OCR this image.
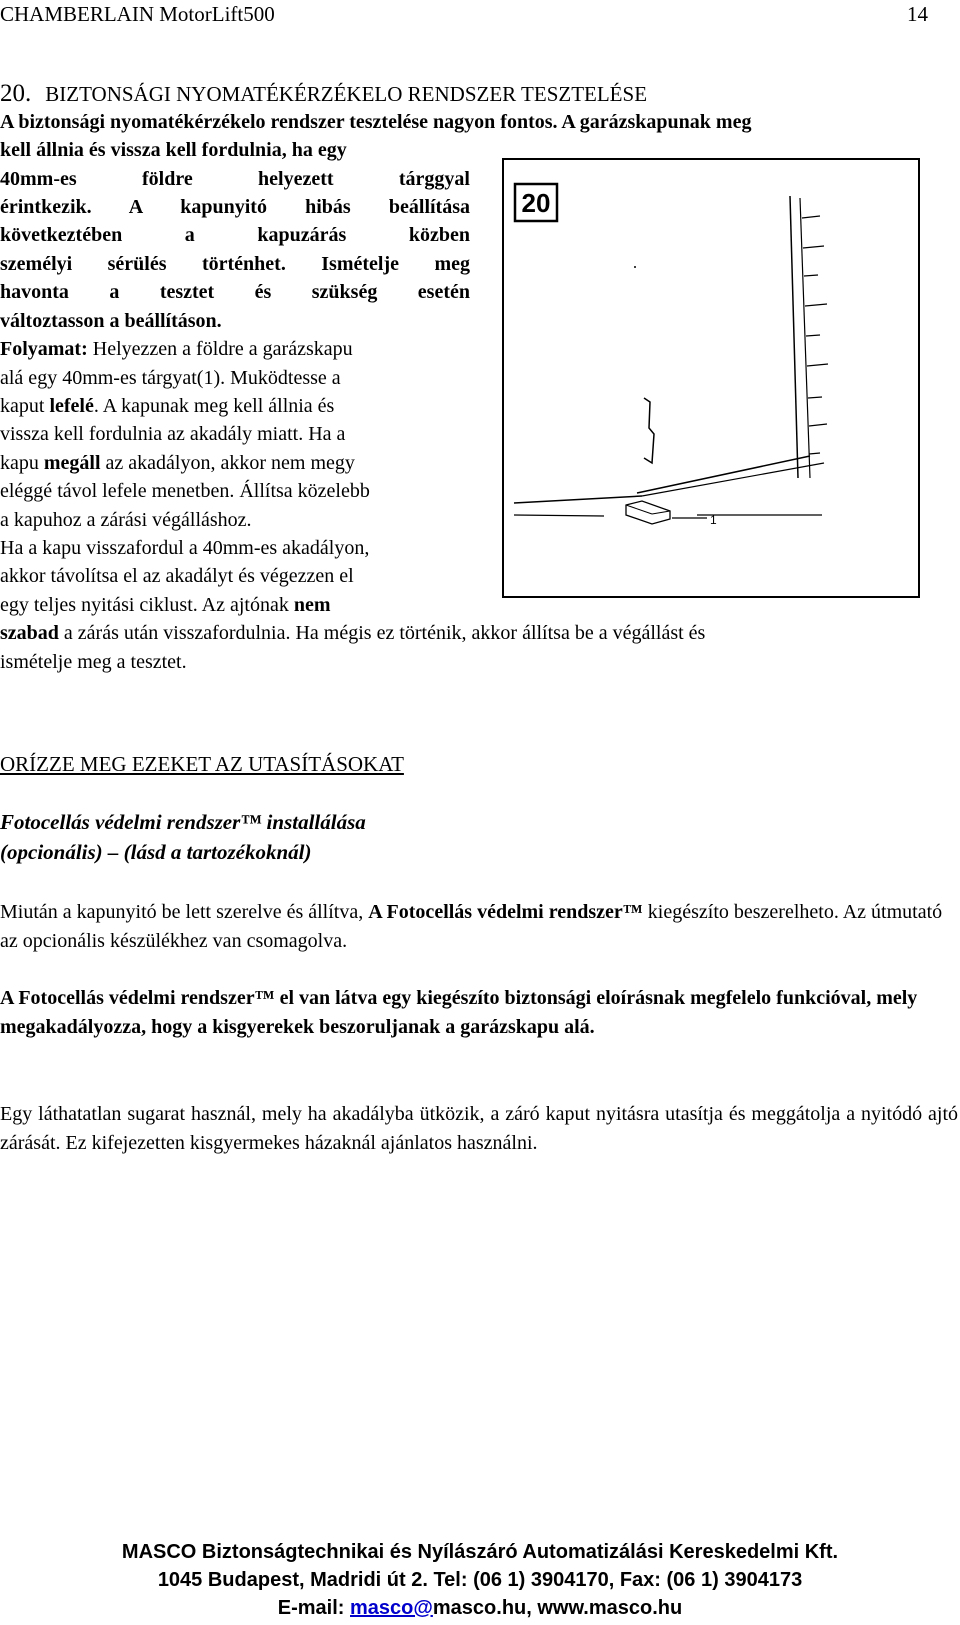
CHAMBERLAIN MotorLift500	14
20. BIZTONSÁGI NYOMATÉKÉRZÉKELO RENDSZER TESZTELÉSE
A biztonsági nyomatékérzékelo rendszer tesztelése nagyon fontos. A garázskapunak meg
kell állnia és vissza kell fordulnia, ha egy
40mm-es földre helyezett tárggyal
érintkezik. A kapunyitó hibás beállítása
következtében a kapuzárás közben
személyi sérülés történhet. Ismételje meg
havonta a tesztet és szükség esetén
változtasson a beállításon.
Folyamat: Helyezzen a földre a garázskapu
alá egy 40mm-es tárgyat(1). Muködtesse a
kaput lefelé. A kapunak meg kell állnia és
vissza kell fordulnia az akadály miatt. Ha a
kapu megáll az akadályon, akkor nem megy
eléggé távol lefele menetben. Állítsa közelebb
a kapuhoz a zárási végálláshoz.
Ha a kapu visszafordul a 40mm-es akadályon,
akkor távolítsa el az akadályt és végezzen el
egy teljes nyitási ciklust. Az ajtónak nem
szabad a zárás után visszafordulnia. Ha mégis ez történik, akkor állítsa be a végállást és
ismételje meg a tesztet.
20
1
ORÍZZE MEG EZEKET AZ UTASÍTÁSOKAT
Fotocellás védelmi rendszer™ installálása
(opcionális) – (lásd a tartozékoknál)
Miután a kapunyitó be lett szerelve és állítva, A Fotocellás védelmi rendszer™ kiegészíto beszerelheto. Az útmutató az opcionális készülékhez van csomagolva.
A Fotocellás védelmi rendszer™ el van látva egy kiegészíto biztonsági eloírásnak megfelelo funkcióval, mely megakadályozza, hogy a kisgyerekek beszoruljanak a garázskapu alá.
Egy láthatatlan sugarat használ, mely ha akadályba ütközik, a záró kaput nyitásra utasítja és meggátolja a nyitódó ajtó zárását. Ez kifejezetten kisgyermekes házaknál ajánlatos használni.
MASCO Biztonságtechnikai és Nyílászáró Automatizálási Kereskedelmi Kft.
1045 Budapest, Madridi út 2. Tel: (06 1) 3904170, Fax: (06 1) 3904173
E-mail: masco@masco.hu, www.masco.hu
